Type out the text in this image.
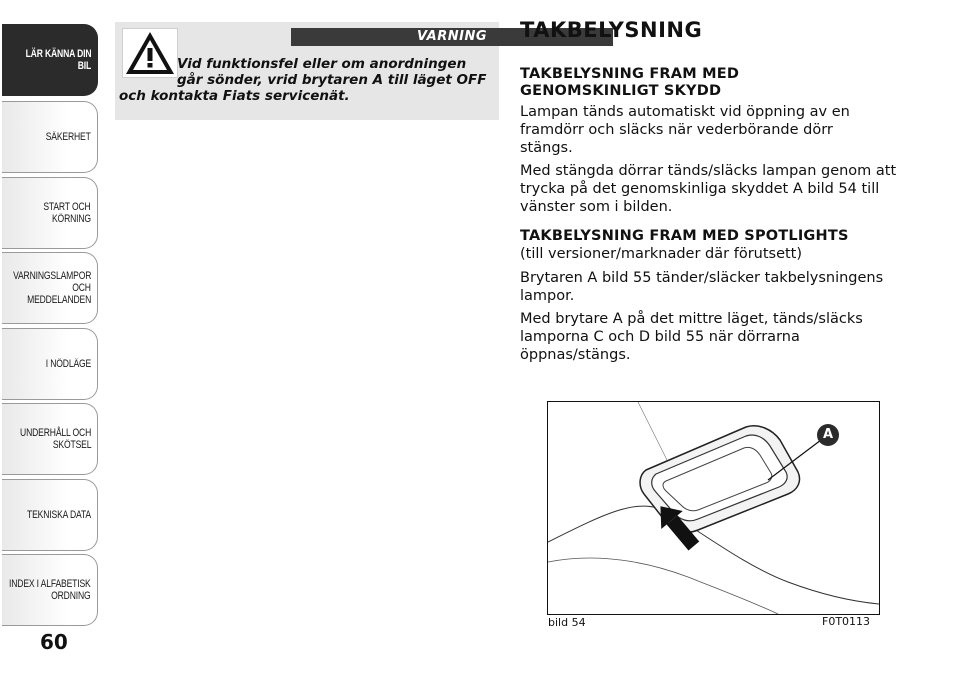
LÄR KÄNNA DIN
BIL
SÄKERHET
START OCH
KÖRNING
VARNINGSLAMPOR
OCH
MEDDELANDEN
I NÖDLÄGE
UNDERHÅLL OCH
SKÖTSEL
TEKNISKA DATA
INDEX I ALFABETISK
ORDNING
60
VARNING
Vid funktionsfel eller om anordningen
går sönder, vrid brytaren A till läget OFF
och kontakta Fiats servicenät.
TAKBELYSNING
TAKBELYSNING FRAM MED
GENOMSKINLIGT SKYDD

Lampan tänds automatiskt vid öppning av en framdörr och släcks när vederbörande dörr stängs.

Med stängda dörrar tänds/släcks lampan genom att trycka på det genomskinliga skyddet A bild 54 till vänster som i bilden.

TAKBELYSNING FRAM MED SPOTLIGHTS

(till versioner/marknader där förutsett)

Brytaren A bild 55 tänder/släcker takbelysningens lampor.

Med brytare A på det mittre läget, tänds/släcks lamporna C och D bild 55 när dörrarna öppnas/stängs.

A
bild 54	F0T0113
